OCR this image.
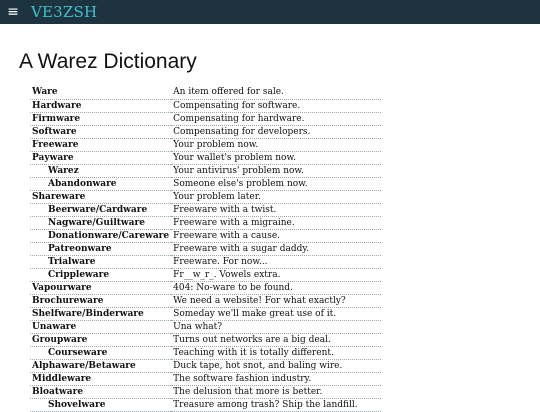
≡ VE3ZSH
A Warez Dictionary
Ware	An item offered for sale.
Hardware	Compensating for software.
Firmware	Compensating for hardware.
Software	Compensating for developers.
Freeware	Your problem now.
Payware	Your wallet's problem now.
Warez	Your antivirus' problem now.
Abandonware	Someone else's problem now.
Shareware	Your problem later.
Beerware/Cardware	Freeware with a twist.
Nagware/Guiltware	Freeware with a migraine.
Donationware/Careware	Freeware with a cause.
Patreonware	Freeware with a sugar daddy.
Trialware	Freeware. For now...
Crippleware	Fr__w_r_. Vowels extra.
Vapourware	404: No-ware to be found.
Brochureware	We need a website! For what exactly?
Shelfware/Binderware	Someday we'll make great use of it.
Unaware	Una what?
Groupware	Turns out networks are a big deal.
Courseware	Teaching with it is totally different.
Alphaware/Betaware	Duck tape, hot snot, and baling wire.
Middleware	The software fashion industry.
Bloatware	The delusion that more is better.
Shovelware	Treasure among trash? Ship the landfill.
